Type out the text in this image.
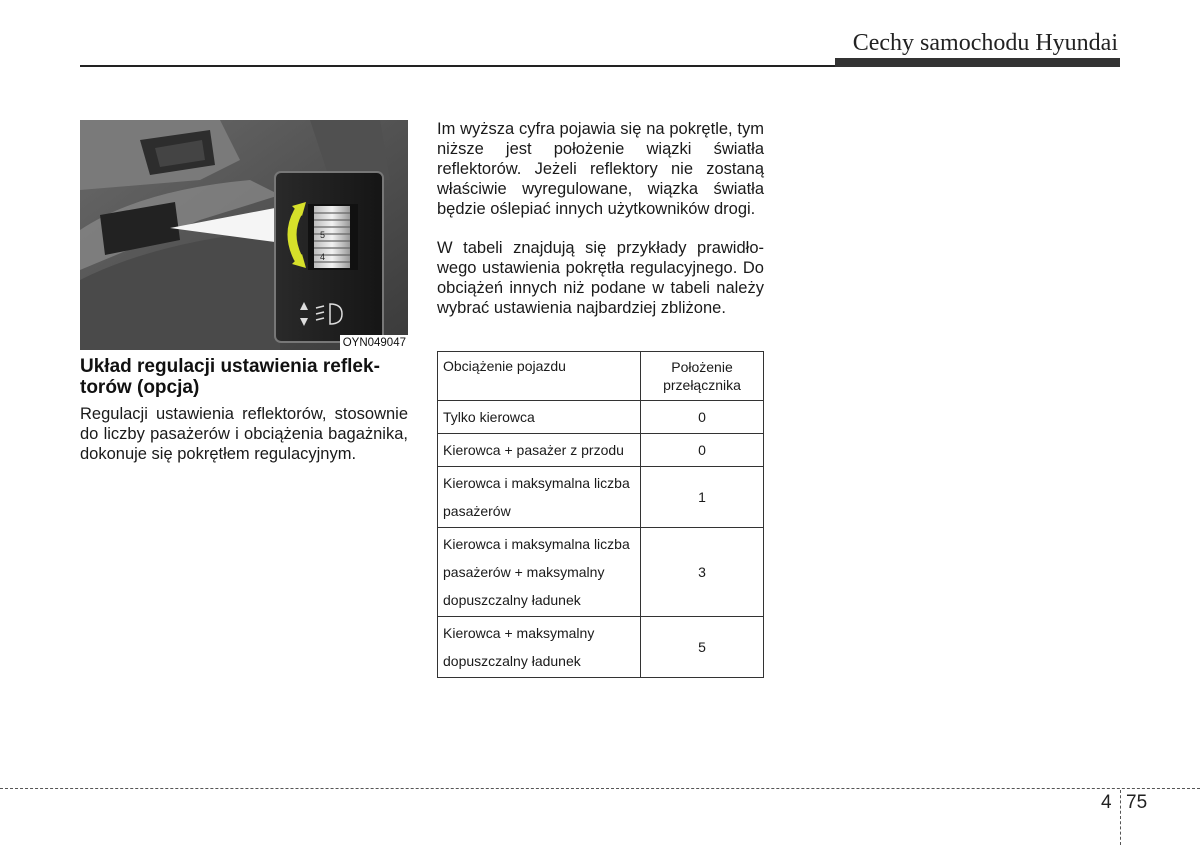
Cechy samochodu Hyundai
5
4
OYN049047
Układ regulacji ustawienia reflektorów (opcja)

Regulacji ustawienia reflektorów, stosownie do liczby pasażerów i obciążenia bagażnika, dokonuje się pokrętłem regulacyjnym.

Im wyższa cyfra pojawia się na pokrętle, tym niższe jest położenie wiązki światła reflektorów. Jeżeli reflektory nie zostaną właściwie wyregulowane, wiązka światła będzie oślepiać innych użytkowników drogi.

W tabeli znajdują się przykłady prawidłowego ustawienia pokrętła regulacyjnego. Do obciążeń innych niż podane w tabeli należy wybrać ustawienia najbardziej zbliżone.

Obciążenie pojazdu	Położenie przełącznika
Tylko kierowca	0
Kierowca + pasażer z przodu	0
Kierowca i maksymalna liczba pasażerów	1
Kierowca i maksymalna liczba pasażerów + maksymalny dopuszczalny ładunek	3
Kierowca + maksymalny dopuszczalny ładunek	5
4 75
